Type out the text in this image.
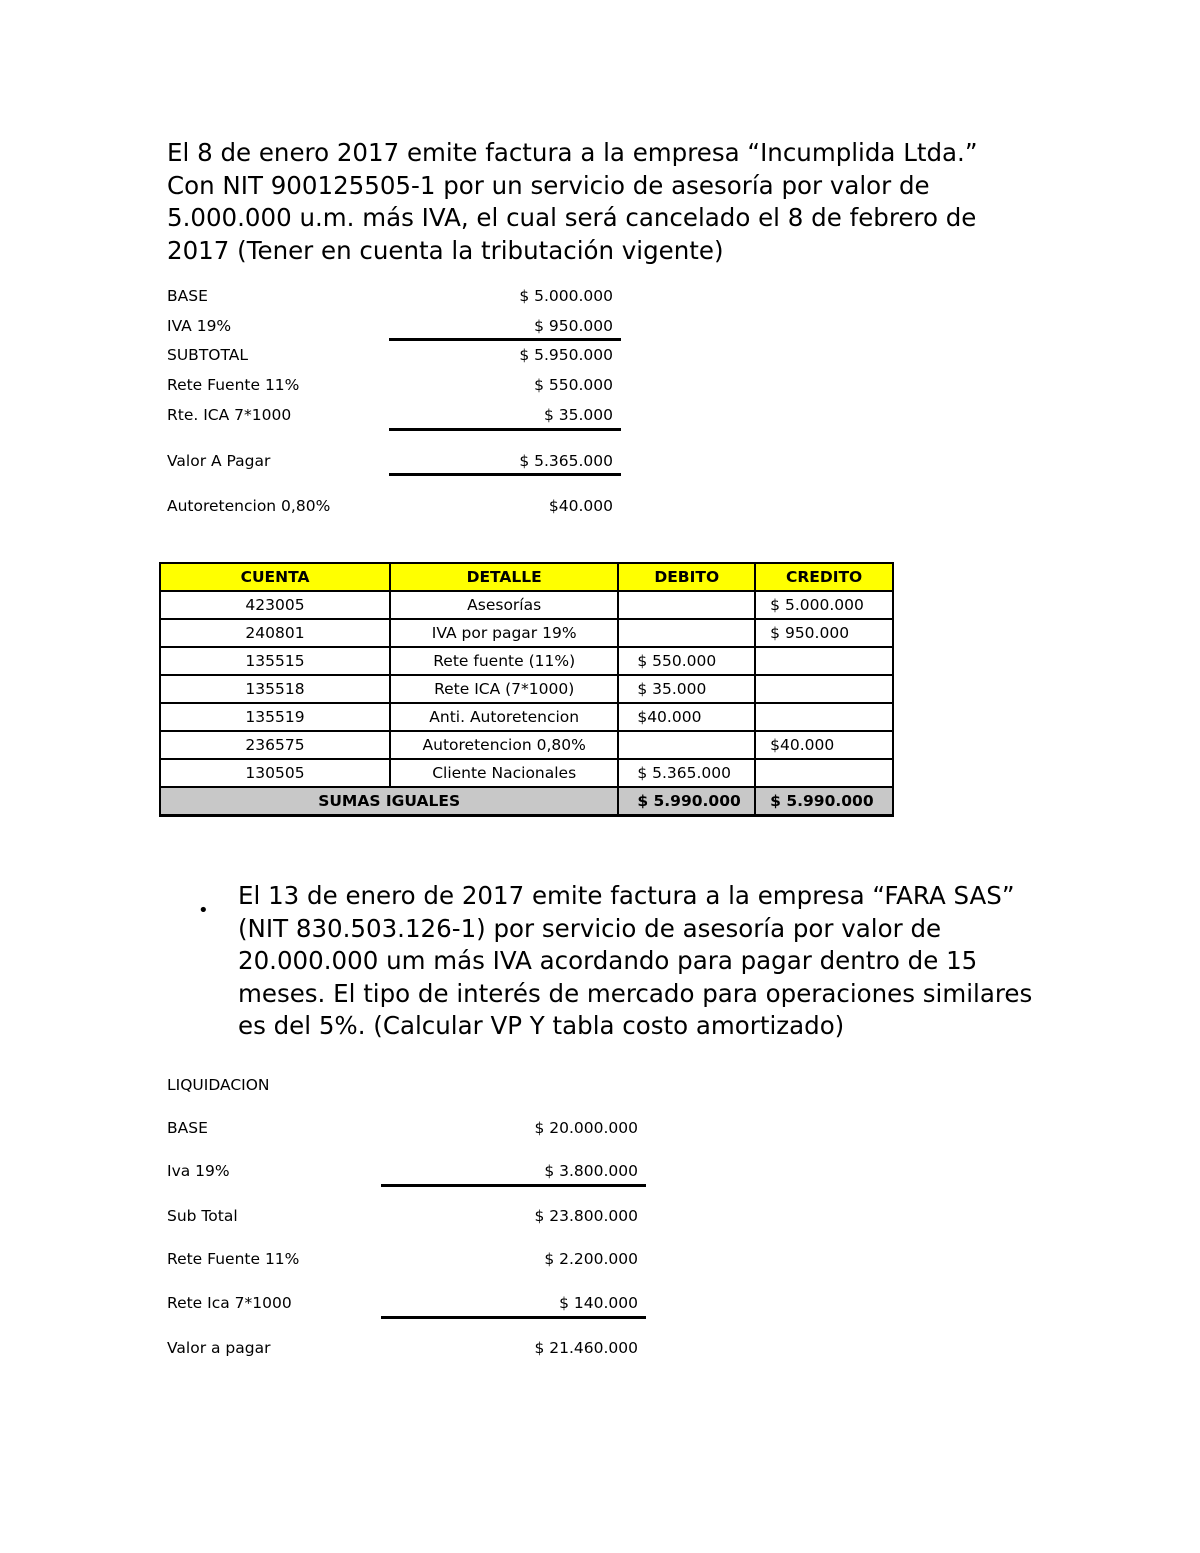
El 8 de enero 2017 emite factura a la empresa “Incumplida Ltda.” Con NIT 900125505-1 por un servicio de asesoría por valor de 5.000.000 u.m. más IVA, el cual será cancelado el 8 de febrero de 2017 (Tener en cuenta la tributación vigente)

BASE	$ 5.000.000
IVA 19%	$ 950.000
SUBTOTAL	$ 5.950.000
Rete Fuente 11%	$ 550.000
Rte. ICA 7*1000	$ 35.000
Valor A Pagar	$ 5.365.000
Autoretencion 0,80%	$40.000
CUENTA	DETALLE	DEBITO	CREDITO
423005	Asesorías		$ 5.000.000
240801	IVA por pagar 19%		$ 950.000
135515	Rete fuente (11%)	$ 550.000	
135518	Rete ICA (7*1000)	$ 35.000	
135519	Anti. Autoretencion	$40.000	
236575	Autoretencion 0,80%		$40.000
130505	Cliente Nacionales	$ 5.365.000	
SUMAS IGUALES		$ 5.990.000	$ 5.990.000
•

El 13 de enero de 2017 emite factura a la empresa “FARA SAS” (NIT 830.503.126-1) por servicio de asesoría por valor de 20.000.000 um más IVA acordando para pagar dentro de 15 meses. El tipo de interés de mercado para operaciones similares es del 5%. (Calcular VP Y tabla costo amortizado)

LIQUIDACION
BASE	$ 20.000.000
Iva 19%	$ 3.800.000
Sub Total	$ 23.800.000
Rete Fuente 11%	$ 2.200.000
Rete Ica 7*1000	$ 140.000
Valor a pagar	$ 21.460.000
